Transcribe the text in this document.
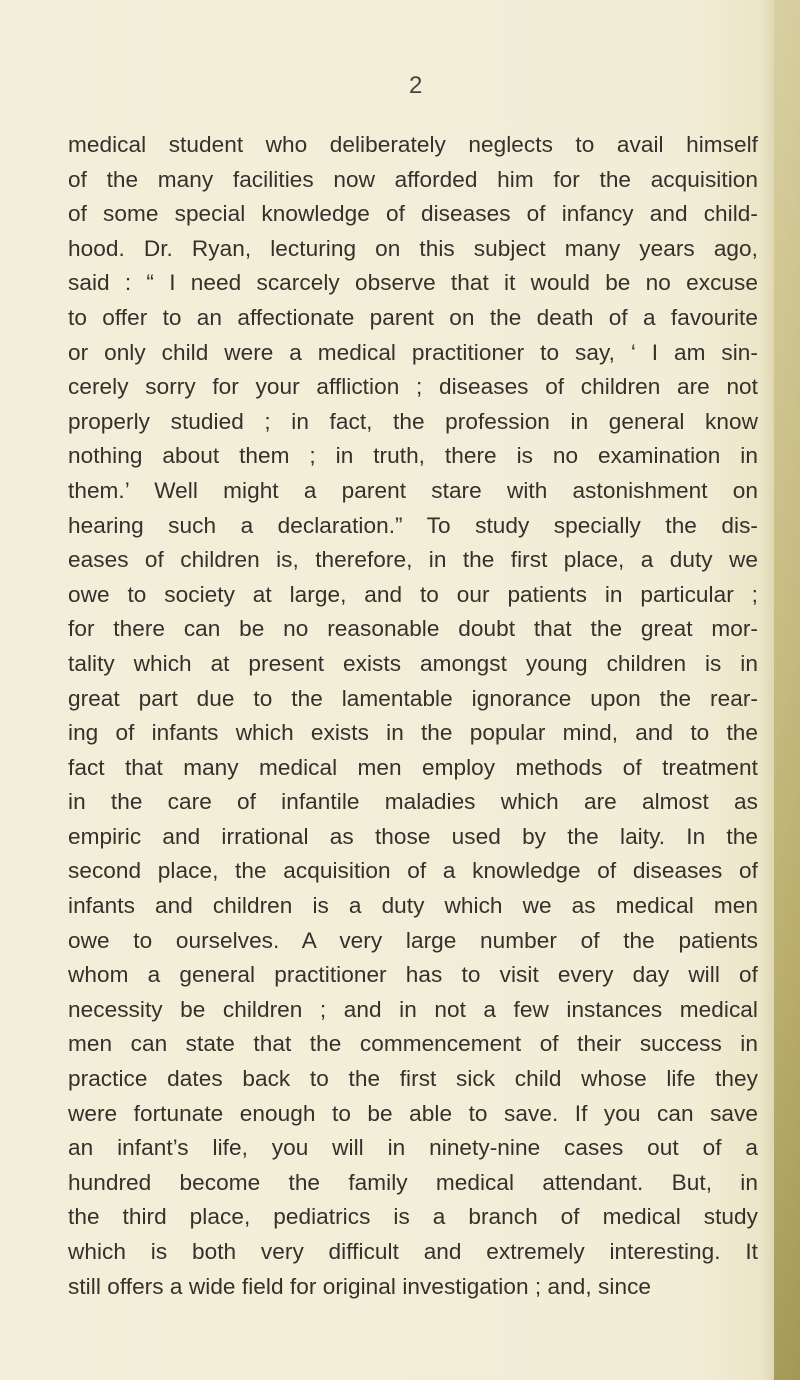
2
medical student who deliberately neglects to avail himself
of the many facilities now afforded him for the acquisition
of some special knowledge of diseases of infancy and child-
hood. Dr. Ryan, lecturing on this subject many years ago,
said : “ I need scarcely observe that it would be no excuse
to offer to an affectionate parent on the death of a favourite
or only child were a medical practitioner to say, ‘ I am sin-
cerely sorry for your affliction ; diseases of children are not
properly studied ; in fact, the profession in general know
nothing about them ; in truth, there is no examination in
them.’ Well might a parent stare with astonishment on
hearing such a declaration.” To study specially the dis-
eases of children is, therefore, in the first place, a duty we
owe to society at large, and to our patients in particular ;
for there can be no reasonable doubt that the great mor-
tality which at present exists amongst young children is in
great part due to the lamentable ignorance upon the rear-
ing of infants which exists in the popular mind, and to the
fact that many medical men employ methods of treatment
in the care of infantile maladies which are almost as
empiric and irrational as those used by the laity. In the
second place, the acquisition of a knowledge of diseases of
infants and children is a duty which we as medical men
owe to ourselves. A very large number of the patients
whom a general practitioner has to visit every day will of
necessity be children ; and in not a few instances medical
men can state that the commencement of their success in
practice dates back to the first sick child whose life they
were fortunate enough to be able to save. If you can save
an infant’s life, you will in ninety-nine cases out of a
hundred become the family medical attendant. But, in
the third place, pediatrics is a branch of medical study
which is both very difficult and extremely interesting. It
still offers a wide field for original investigation ; and, since
